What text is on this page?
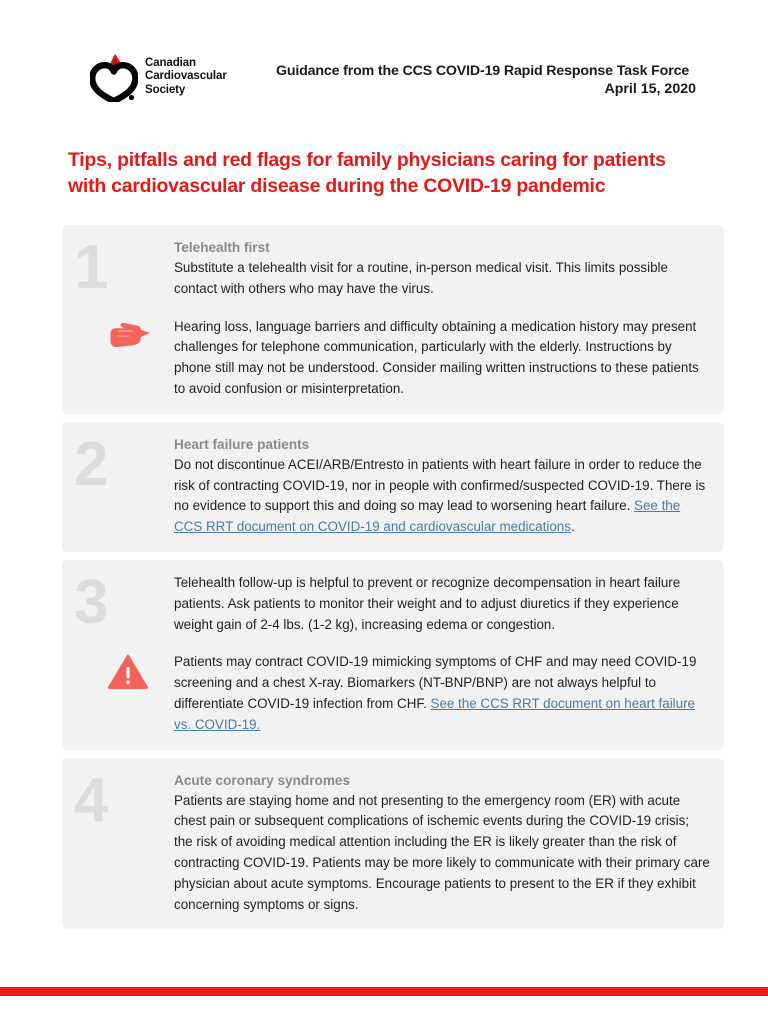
Canadian
Cardiovascular
Society
Guidance from the CCS COVID-19 Rapid Response Task Force
April 15, 2020
Tips, pitfalls and red flags for family physicians caring for patients with cardiovascular disease during the COVID-19 pandemic
1	Telehealth first
Substitute a telehealth visit for a routine, in-person medical visit. This limits possible contact with others who may have the virus.
Hearing loss, language barriers and difficulty obtaining a medication history may present challenges for telephone communication, particularly with the elderly. Instructions by phone still may not be understood. Consider mailing written instructions to these patients to avoid confusion or misinterpretation.
2	Heart failure patients
Do not discontinue ACEI/ARB/Entresto in patients with heart failure in order to reduce the risk of contracting COVID-19, nor in people with confirmed/suspected COVID-19. There is no evidence to support this and doing so may lead to worsening heart failure. See the CCS RRT document on COVID-19 and cardiovascular medications.
3	Telehealth follow-up is helpful to prevent or recognize decompensation in heart failure patients. Ask patients to monitor their weight and to adjust diuretics if they experience weight gain of 2-4 lbs. (1-2 kg), increasing edema or congestion.
Patients may contract COVID-19 mimicking symptoms of CHF and may need COVID-19 screening and a chest X-ray. Biomarkers (NT-BNP/BNP) are not always helpful to differentiate COVID-19 infection from CHF. See the CCS RRT document on heart failure vs. COVID-19.
4	Acute coronary syndromes
Patients are staying home and not presenting to the emergency room (ER) with acute chest pain or subsequent complications of ischemic events during the COVID-19 crisis; the risk of avoiding medical attention including the ER is likely greater than the risk of contracting COVID-19. Patients may be more likely to communicate with their primary care physician about acute symptoms. Encourage patients to present to the ER if they exhibit concerning symptoms or signs.
